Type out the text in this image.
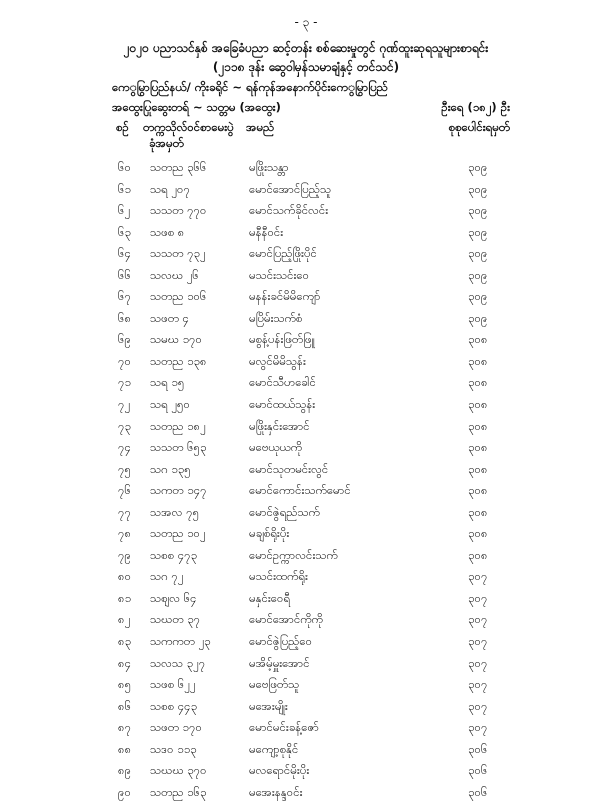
- ၃ -
၂၀၂၀ ပညာသင်နှစ် အခြေခံပညာ ဆင့်တန်း စစ်ဆေးမှုတွင် ဂုဏ်ထူးဆုရသူများစာရင်း
(၂၁၁၈ ဒုန်း ဆွေဝါမှန်သမာချံနှင့် တင်သင်)
ကေွမြွာပြည်နယ်/ ကိုးခရိုင် ~ ရန်ကုန်အနောက်ပိုင်းကေွမြွာပြည်
အထွေးပြုဆွေးတရ် ~ သတ္တမ (အထွေး)	ဦးရေ (၁၈၂) ဦး
စဉ် တက္ကသိုလ်ဝင်စာမေးပွဲ
ခုံအမှတ်
အမည်	စုစုပေါင်းရမှတ်
၆၀ သတည ၃၆၆	မဖြိုးသန္တာ	၃၀၉
၆၁ သရ ၂၀၇	မောင်အောင်ပြည့်သူ	၃၀၉
၆၂ သသတ ၇၇၀	မောင်သက်ခိုင်လင်း	၃၀၉
၆၃ သဖစ ၈	မနီနီဝင်း	၃၀၉
၆၄ သသတ ၇၃၂	မောင်ပြည့်ဖြိုးပိုင်	၃၀၉
၆၆ သလဃ ၂၆	မသင်းသင်းဝေ	၃၀၉
၆၇ သတည ၁၀၆	မနန်းခင်မိမိကျော်	၃၀၉
၆၈ သဖတ ၄	မပြိမ်းသက်စံ	၃၀၉
၆၉ သမဃ ၁၇၀	မစွန့်ပန်းဖြတ်ဖြူ	၃၀၈
၇၀ သတည ၁၃၈	မလွင်မိမိသွန်း	၃၀၈
၇၁ သရ ၁၅	မောင်သီဟခေါင်	၃၀၈
၇၂ သရ ၂၅၀	မောင်ထယ်သွန်း	၃၀၈
၇၃ သတည ၁၈၂	မဖြိုးနှင်းအောင်	၃၀၈
၇၄ သသတ ၆၅၃	မဗေယုယကို	၃၀၈
၇၅ သဂ ၁၃၅	မောင်သုတမင်းလွင်	၃၀၈
၇၆ သကတ ၁၄၇	မောင်ကောင်းသက်မောင်	၃၀၈
၇၇ သအလ ၇၅	မောင်ဇွဲရည်သက်	၃၀၈
၇၈ သတည ၁၀၂	မချစ်ရိုးပိုး	၃၀၈
၇၉ သစစ ၄၇၃	မောင်ဥက္ကာလင်းသက်	၃၀၈
၈၀ သဂ ၇၂	မသင်းထက်ရိုး	၃၀၇
၈၁ သဈလ ၆၄	မနှင်းဝေရီ	၃၀၇
၈၂ သဃတ ၃၇	မောင်အောင်ကိုကို	၃၀၇
၈၃ သကကတ ၂၃	မောင်ဇွဲပြည့်ဝေ	၃၀၇
၈၄ သလသ ၃၂၇	မအိမ့်မှူးအောင်	၃၀၇
၈၅ သဖစ ၆၂၂	မဗေဖြတ်သူ	၃၀၇
၈၆ သစစ ၄၄၃	မအေးမျိုး	၃၀၇
၈၇ သဖတ ၁၇၀	မောင်မင်းခန့်ဇော်	၃၀၇
၈၈ သဒ၀ ၁၁၃	မကျော့စုနိုင်	၃၀၆
၈၉ သဃဃ ၃၇၀	မလရောင်မိုးပိုး	၃၀၆
၉၀ သတည ၁၆၃	မအေးနန္ဒဝင်း	၃၀၆
